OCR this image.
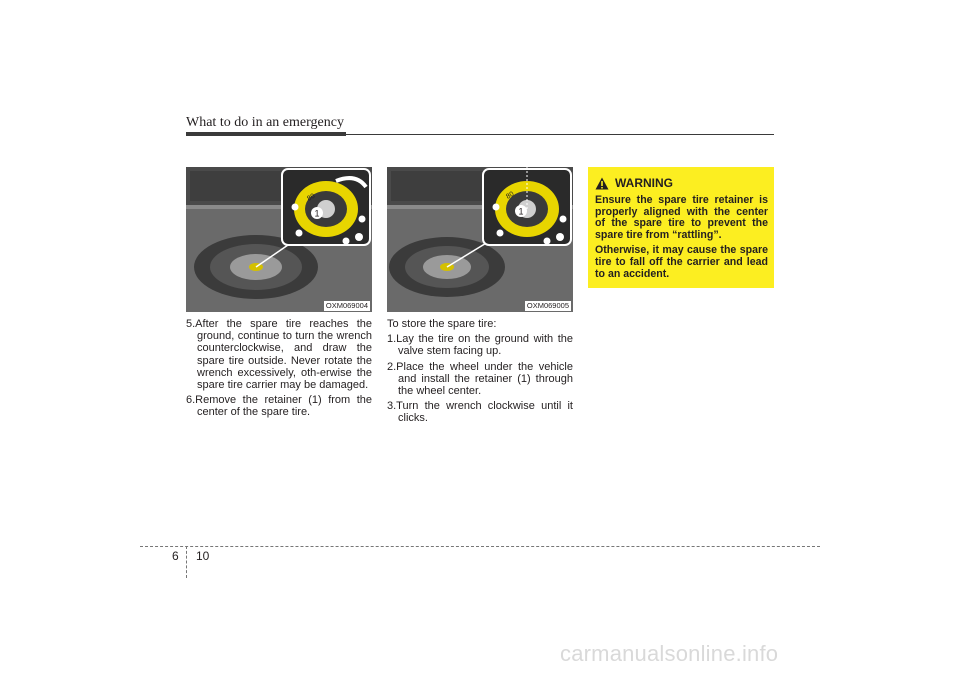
What to do in an emergency
1
80
OXM069004
1
80
OXM069005

5.After the spare tire reaches the ground, continue to turn the wrench counterclockwise, and draw the spare tire outside. Never rotate the wrench excessively, oth-erwise the spare tire carrier may be damaged.

6.Remove the retainer (1) from the center of the spare tire.

To store the spare tire:

1.Lay the tire on the ground with the valve stem facing up.

2.Place the wheel under the vehicle and install the retainer (1) through the wheel center.

3.Turn the wrench clockwise until it clicks.

WARNING

Ensure the spare tire retainer is properly aligned with the center of the spare tire to prevent the spare tire from “rattling”.

Otherwise, it may cause the spare tire to fall off the carrier and lead to an accident.

6 10
carmanualsonline.info
